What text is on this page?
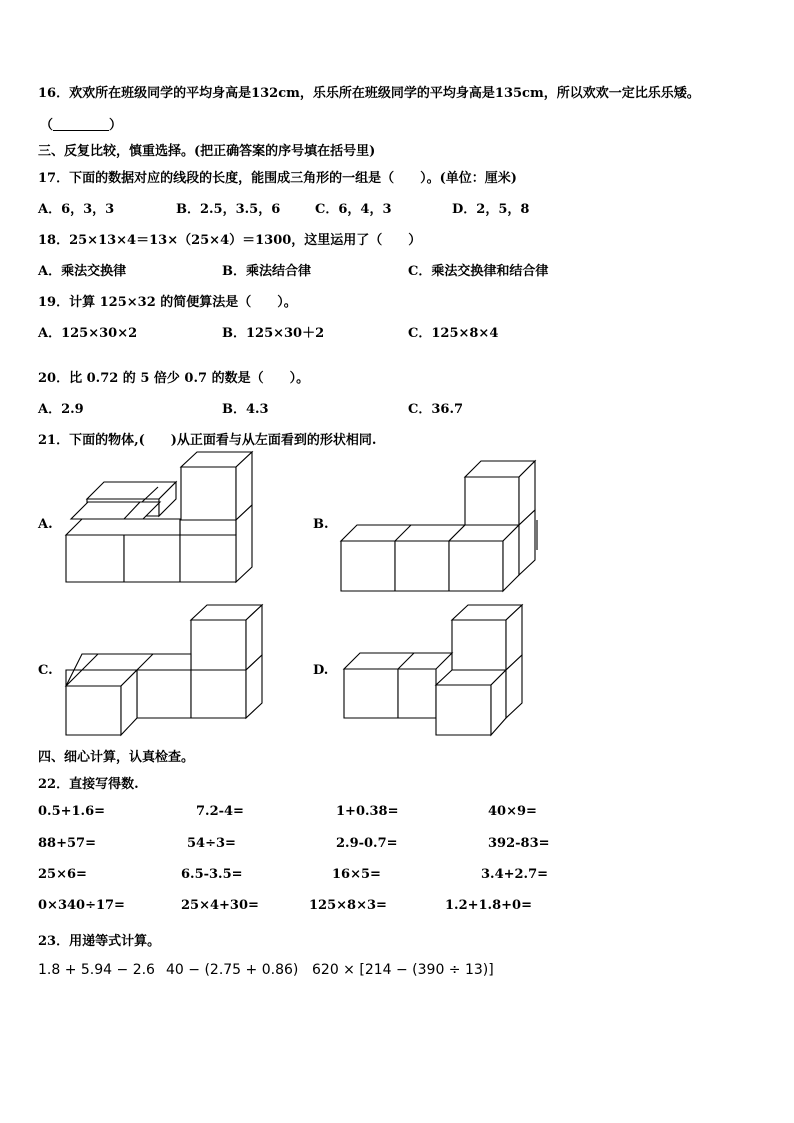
16．欢欢所在班级同学的平均身高是132cm，乐乐所在班级同学的平均身高是135cm，所以欢欢一定比乐乐矮。
（	）
三、反复比较，慎重选择。(把正确答案的序号填在括号里)
17．下面的数据对应的线段的长度，能围成三角形的一组是（　　）。(单位：厘米)
A．6，3，3	B．2.5，3.5，6	C．6，4，3	D．2，5，8
18．25×13×4＝13×（25×4）＝1300，这里运用了（　　）
A．乘法交换律	B．乘法结合律	C．乘法交换律和结合律
19．计算 125×32 的简便算法是（　　）。
A．125×30×2	B．125×30＋2	C．125×8×4
20．比 0.72 的 5 倍少 0.7 的数是（　　）。
A．2.9	B．4.3	C．36.7
21．下面的物体,(　　)从正面看与从左面看到的形状相同.
A.	B.
C.	D.
四、细心计算，认真检查。
22．直接写得数.
0.5+1.6=	7.2-4=	1+0.38=	40×9=
88+57=	54÷3=	2.9-0.7=	392-83=
25×6=	6.5-3.5=	16×5=	3.4+2.7=
0×340÷17=	25×4+30=	125×8×3=	1.2+1.8+0=
23．用递等式计算。
1.8 + 5.94 − 2.6 40 − (2.75 + 0.86) 620 × [214 − (390 ÷ 13)]
